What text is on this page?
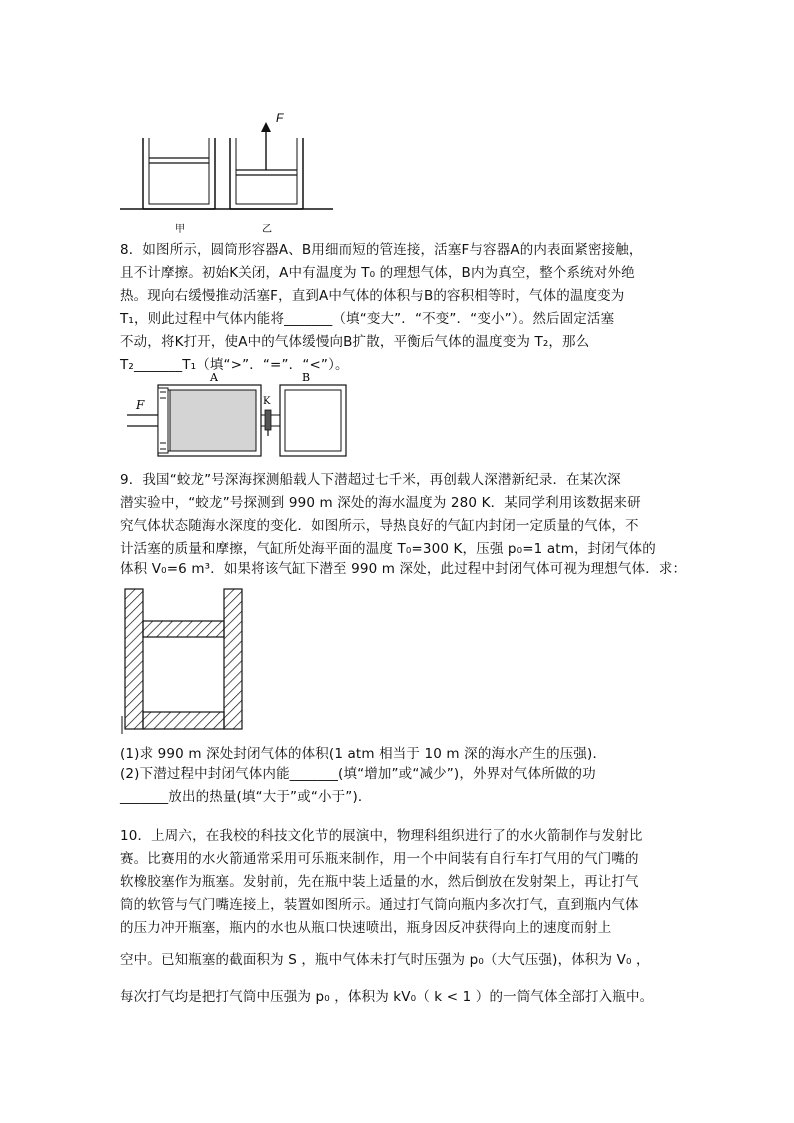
F
甲	乙
8．如图所示，圆筒形容器A、B用细而短的管连接，活塞F与容器A的内表面紧密接触，
且不计摩擦。初始K关闭，A中有温度为 T₀ 的理想气体，B内为真空，整个系统对外绝
热。现向右缓慢推动活塞F，直到A中气体的体积与B的容积相等时，气体的温度变为
T₁，则此过程中气体内能将_______（填“变大”．“不变”．“变小”）。然后固定活塞
不动，将K打开，使A中的气体缓慢向B扩散，平衡后气体的温度变为 T₂，那么
T₂_______T₁（填“>”．“=”．“<”）。
A	B
F	K
9．我国“蛟龙”号深海探测船载人下潜超过七千米，再创载人深潜新纪录．在某次深
潜实验中，“蛟龙”号探测到 990 m 深处的海水温度为 280 K．某同学利用该数据来研
究气体状态随海水深度的变化．如图所示，导热良好的气缸内封闭一定质量的气体，不
计活塞的质量和摩擦，气缸所处海平面的温度 T₀=300 K，压强 p₀=1 atm，封闭气体的
体积 V₀=6 m³．如果将该气缸下潜至 990 m 深处，此过程中封闭气体可视为理想气体．求：
(1)求 990 m 深处封闭气体的体积(1 atm 相当于 10 m 深的海水产生的压强)．
(2)下潜过程中封闭气体内能_______(填“增加”或“减少”)，外界对气体所做的功
_______放出的热量(填“大于”或“小于”)．
10．上周六，在我校的科技文化节的展演中，物理科组织进行了的水火箭制作与发射比
赛。比赛用的水火箭通常采用可乐瓶来制作，用一个中间装有自行车打气用的气门嘴的
软橡胶塞作为瓶塞。发射前，先在瓶中装上适量的水，然后倒放在发射架上，再让打气
筒的软管与气门嘴连接上，装置如图所示。通过打气筒向瓶内多次打气，直到瓶内气体
的压力冲开瓶塞，瓶内的水也从瓶口快速喷出，瓶身因反冲获得向上的速度而射上
空中。已知瓶塞的截面积为 S ，瓶中气体未打气时压强为 p₀（大气压强)，体积为 V₀ ，
每次打气均是把打气筒中压强为 p₀ ，体积为 kV₀（ k < 1 ）的一筒气体全部打入瓶中。
